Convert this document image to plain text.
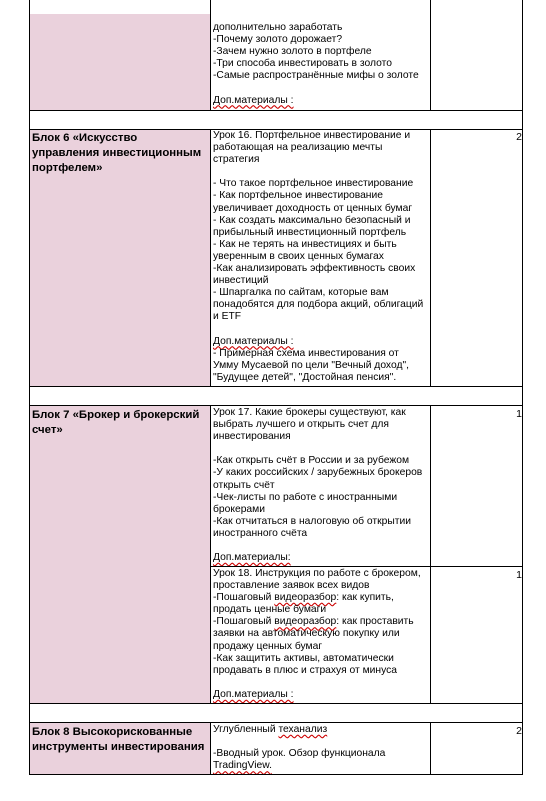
дополнительно заработать
-Почему золото дорожает?
-Зачем нужно золото в портфеле
-Три способа инвестировать в золото
-Самые распространённые мифы о золоте
Доп.материалы :
Блок 6 «Искусство управления инвестиционным портфелем»
Урок 16. Портфельное инвестирование и
работающая на реализацию мечты
стратегия
- Что такое портфельное инвестирование
- Как портфельное инвестирование
увеличивает доходность от ценных бумаг
- Как создать максимально безопасный и
прибыльный инвестиционный портфель
- Как не терять на инвестициях и быть
уверенным в своих ценных бумагах
-Как анализировать эффективность своих
инвестиций
- Шпаргалка по сайтам, которые вам
понадобятся для подбора акций, облигаций
и ETF
Доп.материалы :
- Примерная схема инвестирования от
Умму Мусаевой по цели "Вечный доход",
"Будущее детей", "Достойная пенсия".
2
Блок 7 «Брокер и брокерский счет»
Урок 17. Какие брокеры существуют, как
выбрать лучшего и открыть счет для
инвестирования
-Как открыть счёт в России и за рубежом
-У каких российских / зарубежных брокеров
открыть счёт
-Чек-листы по работе с иностранными
брокерами
-Как отчитаться в налоговую об открытии
иностранного счёта
Доп.материалы:
1
Урок 18. Инструкция по работе с брокером,
проставление заявок всех видов
-Пошаговый видеоразбор: как купить,
продать ценные бумаги
-Пошаговый видеоразбор: как проставить
заявки на автоматическую покупку или
продажу ценных бумаг
-Как защитить активы, автоматически
продавать в плюс и страхуя от минуса
Доп.материалы :
1
Блок 8 Высокорискованные инструменты инвестирования
Углубленный теханализ
-Вводный урок. Обзор функционала
TradingView.
2
